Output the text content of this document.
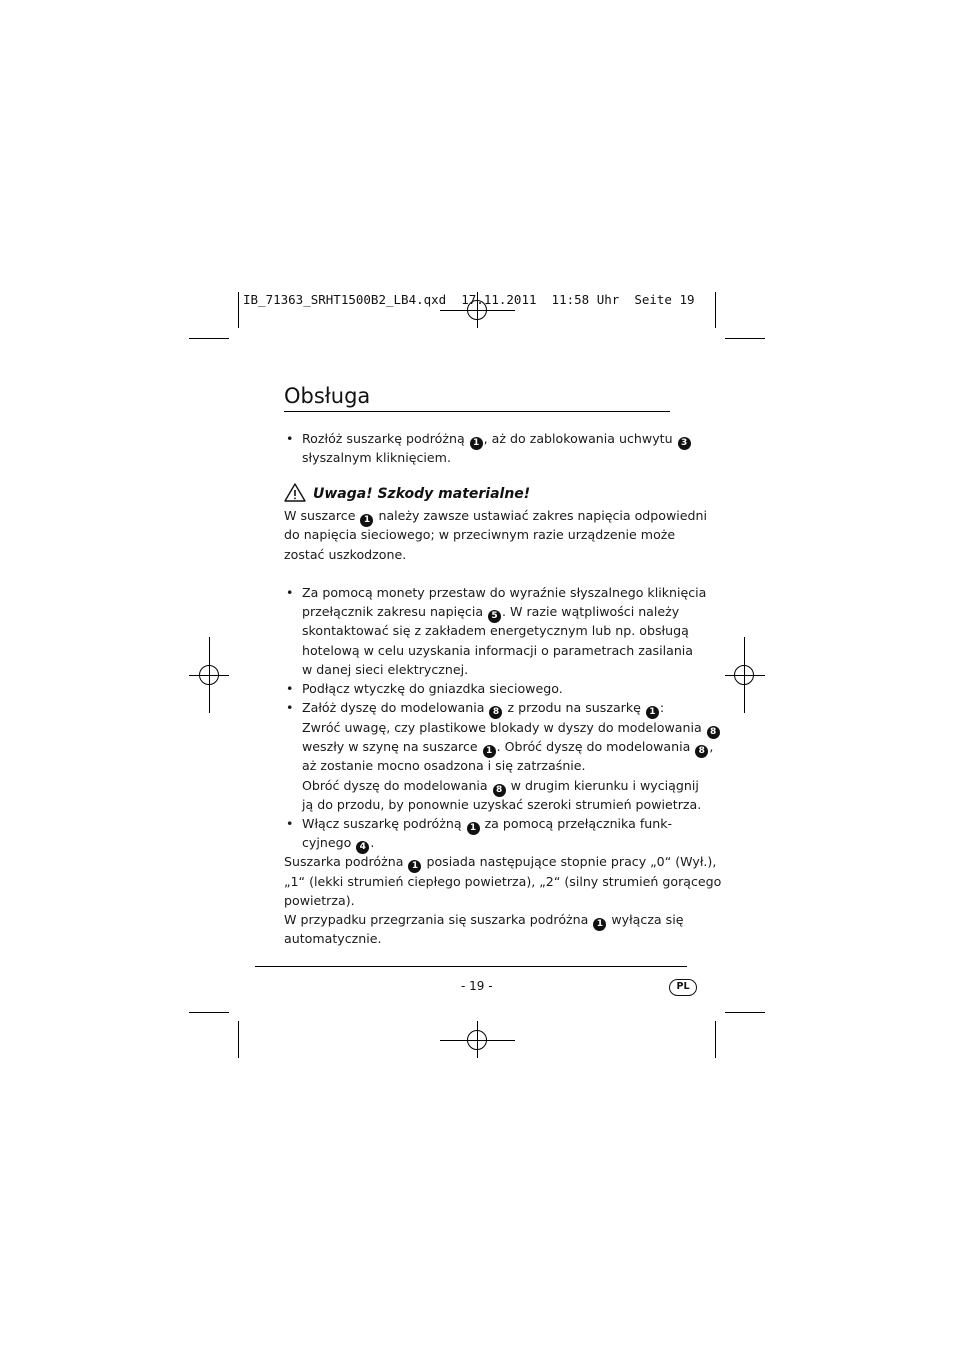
IB_71363_SRHT1500B2_LB4.qxd  17.11.2011  11:58 Uhr  Seite 19
Obsługa
• Rozłóż suszarkę podróżną 1 , aż do zablokowania uchwytu 3
słyszalnym kliknięciem.
Uwaga! Szkody materialne!
W suszarce 1 należy zawsze ustawiać zakres napięcia odpowiedni
do napięcia sieciowego; w przeciwnym razie urządzenie może
zostać uszkodzone.
• Za pomocą monety przestaw do wyraźnie słyszalnego kliknięcia
przełącznik zakresu napięcia 5 . W razie wątpliwości należy
skontaktować się z zakładem energetycznym lub np. obsługą
hotelową w celu uzyskania informacji o parametrach zasilania
w danej sieci elektrycznej.
• Podłącz wtyczkę do gniazdka sieciowego.
• Załóż dyszę do modelowania 8 z przodu na suszarkę 1 :
Zwróć uwagę, czy plastikowe blokady w dyszy do modelowania 8
weszły w szynę na suszarce 1 . Obróć dyszę do modelowania 8 ,
aż zostanie mocno osadzona i się zatrzaśnie.
Obróć dyszę do modelowania 8 w drugim kierunku i wyciągnij
ją do przodu, by ponownie uzyskać szeroki strumień powietrza.
• Włącz suszarkę podróżną 1 za pomocą przełącznika funk-
cyjnego 4 .
Suszarka podróżna 1 posiada następujące stopnie pracy „0“ (Wył.),
„1“ (lekki strumień ciepłego powietrza), „2“ (silny strumień gorącego
powietrza).
W przypadku przegrzania się suszarka podróżna 1 wyłącza się
automatycznie.
- 19 -	PL
